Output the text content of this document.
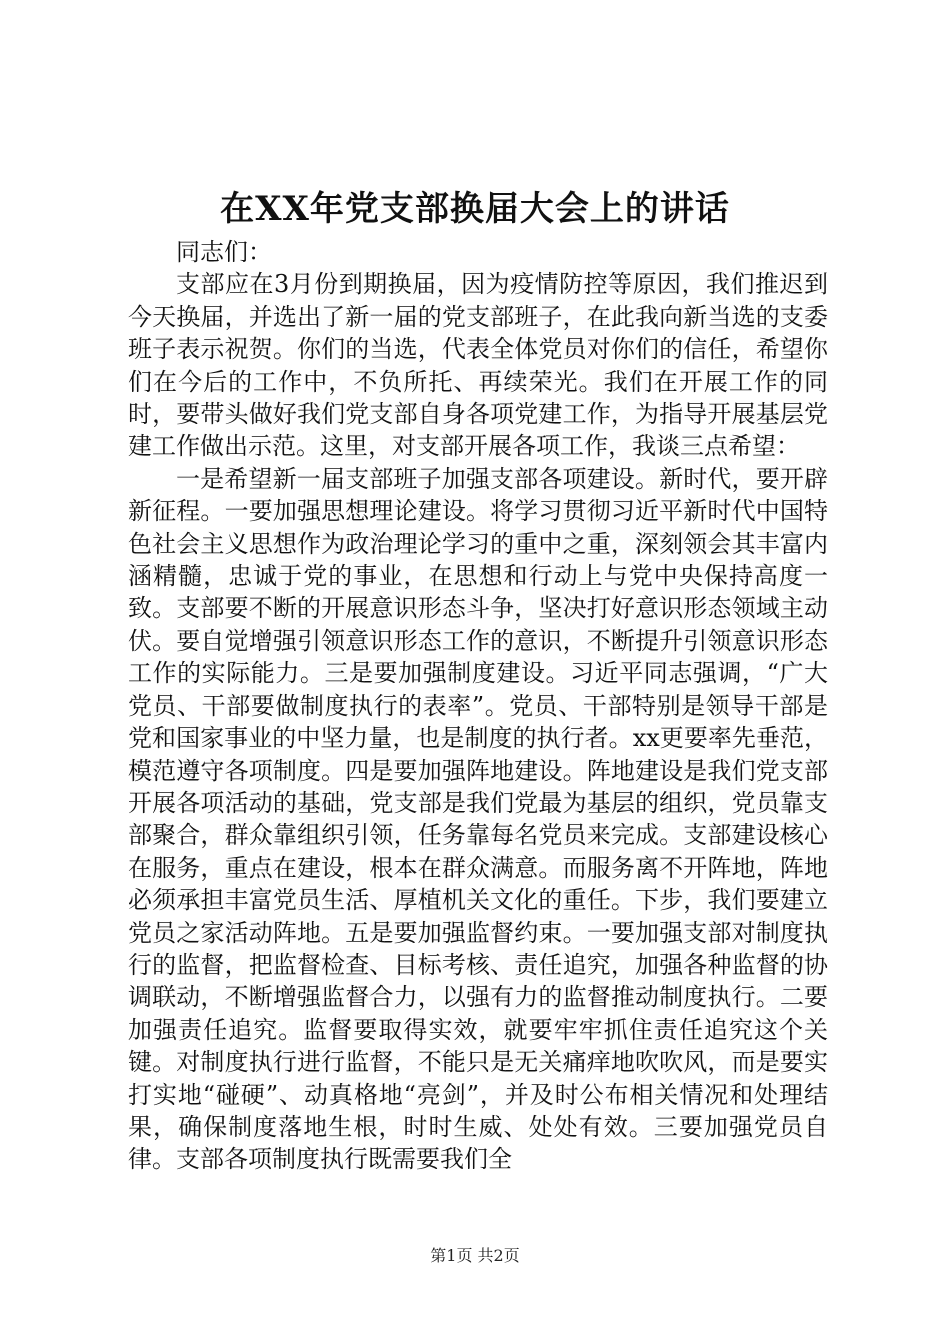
在XX年党支部换届大会上的讲话

同志们：

支部应在3月份到期换届，因为疫情防控等原因，我们推迟到今天换届，并选出了新一届的党支部班子，在此我向新当选的支委班子表示祝贺。你们的当选，代表全体党员对你们的信任，希望你们在今后的工作中，不负所托、再续荣光。我们在开展工作的同时，要带头做好我们党支部自身各项党建工作，为指导开展基层党建工作做出示范。这里，对支部开展各项工作，我谈三点希望：

一是希望新一届支部班子加强支部各项建设。新时代，要开辟新征程。一要加强思想理论建设。将学习贯彻习近平新时代中国特色社会主义思想作为政治理论学习的重中之重，深刻领会其丰富内涵精髓，忠诚于党的事业，在思想和行动上与党中央保持高度一致。支部要不断的开展意识形态斗争，坚决打好意识形态领域主动伏。要自觉增强引领意识形态工作的意识，不断提升引领意识形态工作的实际能力。三是要加强制度建设。习近平同志强调，“广大党员、干部要做制度执行的表率”。党员、干部特别是领导干部是党和国家事业的中坚力量，也是制度的执行者。xx更要率先垂范，模范遵守各项制度。四是要加强阵地建设。阵地建设是我们党支部开展各项活动的基础，党支部是我们党最为基层的组织，党员靠支部聚合，群众靠组织引领，任务靠每名党员来完成。支部建设核心在服务，重点在建设，根本在群众满意。而服务离不开阵地，阵地必须承担丰富党员生活、厚植机关文化的重任。下步，我们要建立党员之家活动阵地。五是要加强监督约束。一要加强支部对制度执行的监督，把监督检查、目标考核、责任追究，加强各种监督的协调联动，不断增强监督合力，以强有力的监督推动制度执行。二要加强责任追究。监督要取得实效，就要牢牢抓住责任追究这个关键。对制度执行进行监督，不能只是无关痛痒地吹吹风，而是要实打实地“碰硬”、动真格地“亮剑”，并及时公布相关情况和处理结果，确保制度落地生根，时时生威、处处有效。三要加强党员自律。支部各项制度执行既需要我们全

第1页 共2页
